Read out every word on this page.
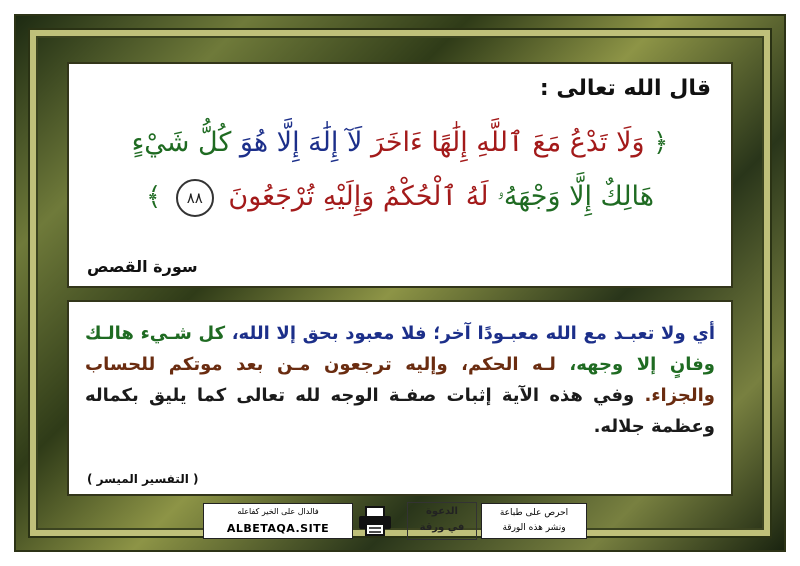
قال الله تعالى :
﴿ وَلَا تَدْعُ مَعَ ٱللَّهِ إِلَٰهًا ءَاخَرَ لَآ إِلَٰهَ إِلَّا هُوَ كُلُّ شَيْءٍ
هَالِكٌ إِلَّا وَجْهَهُۥ لَهُ ٱلْحُكْمُ وَإِلَيْهِ تُرْجَعُونَ ٨٨ ﴾
سورة القصص
أي ولا تعبـد مع الله معبـودًا آخر؛ فلا معبود بحق إلا الله، كل شـيء هالـك وفانٍ إلا وجهه، لـه الحكم، وإليه ترجعون مـن بعد موتكم للحساب والجزاء. وفي هذه الآية إثبات صفـة الوجه لله تعالى كما يليق بكماله وعظمة جلاله.
( التفسير الميسر )
فالدال على الخير كفاعله
ALBETAQA.SITE
الدعوة
في ورقة
احرص على طباعة
ونشر هذه الورقة
